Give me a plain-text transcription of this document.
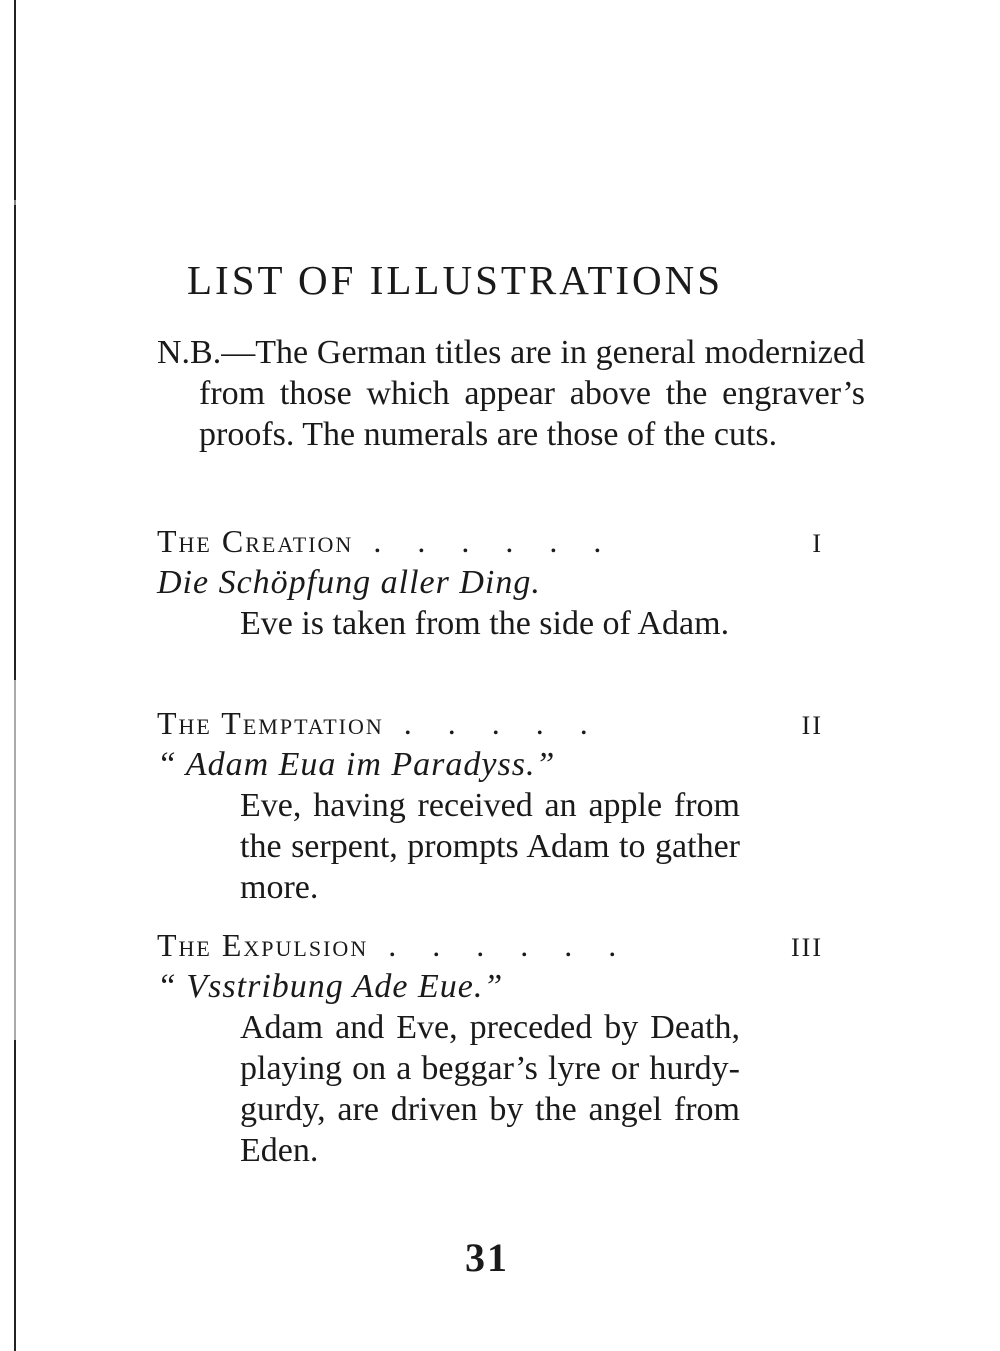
LIST OF ILLUSTRATIONS

N.B.—The German titles are in general modernized from those which appear above the engraver’s proofs. The numerals are those of the cuts.

The Creation . . . . . .	I
Die Schöpfung aller Ding.
Eve is taken from the side of Adam.
The Temptation . . . . .	II
“ Adam Eua im Paradyss.”
Eve, having received an apple from the serpent, prompts Adam to gather more.
The Expulsion . . . . . .	III
“ Vsstribung Ade Eue.”
Adam and Eve, preceded by Death, playing on a beggar’s lyre or hurdy-gurdy, are driven by the angel from Eden.
31
